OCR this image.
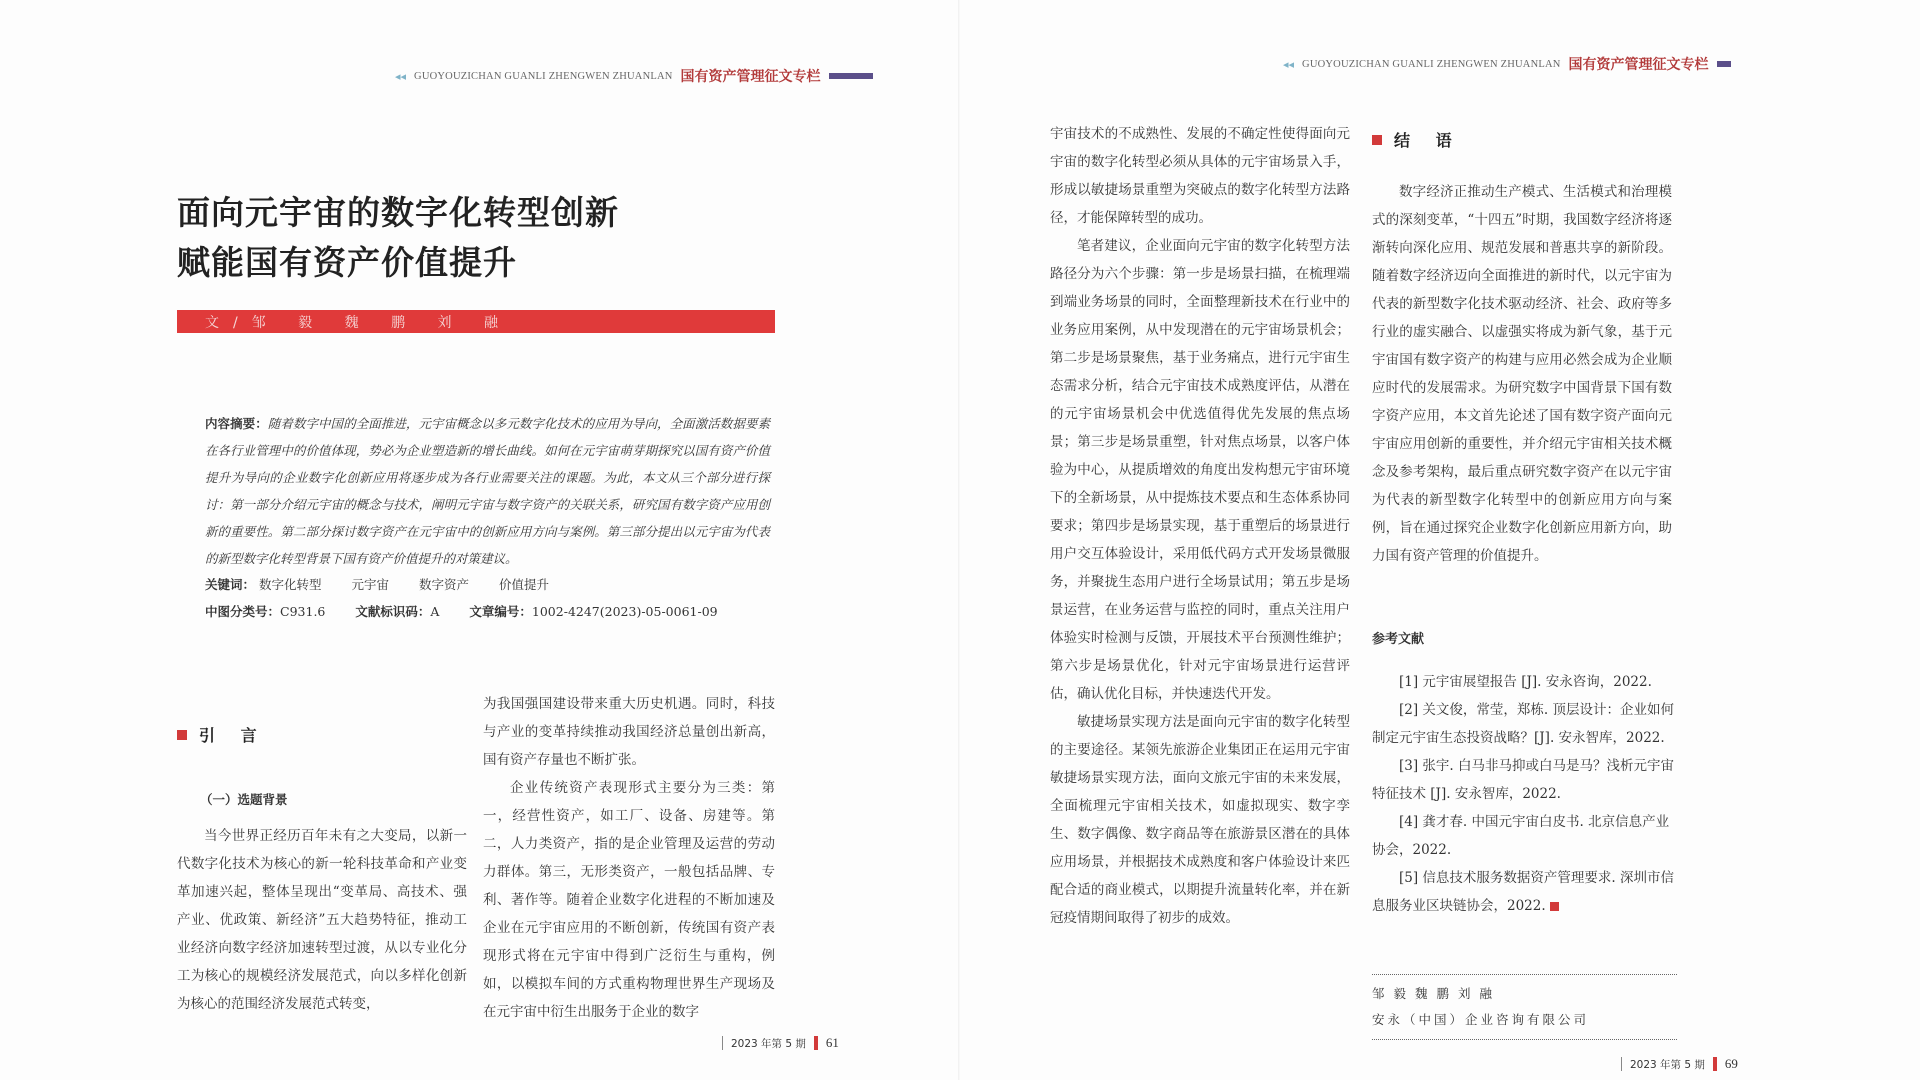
◂◂ GUOYOUZICHAN GUANLI ZHENGWEN ZHUANLAN 国有资产管理征文专栏
面向元宇宙的数字化转型创新
赋能国有资产价值提升
文/邹 毅 魏 鹏 刘 融
内容摘要：随着数字中国的全面推进，元宇宙概念以多元数字化技术的应用为导向，全面激活数据要素在各行业管理中的价值体现，势必为企业塑造新的增长曲线。如何在元宇宙萌芽期探究以国有资产价值提升为导向的企业数字化创新应用将逐步成为各行业需要关注的课题。为此，本文从三个部分进行探讨：第一部分介绍元宇宙的概念与技术，阐明元宇宙与数字资产的关联关系，研究国有数字资产应用创新的重要性。第二部分探讨数字资产在元宇宙中的创新应用方向与案例。第三部分提出以元宇宙为代表的新型数字化转型背景下国有资产价值提升的对策建议。
关键词： 数字化转型 元宇宙 数字资产 价值提升
中图分类号：C931.6 文献标识码：A 文章编号：1002-4247(2023)-05-0061-09
引 言
（一）选题背景

当今世界正经历百年未有之大变局，以新一代数字化技术为核心的新一轮科技革命和产业变革加速兴起，整体呈现出“变革局、高技术、强产业、优政策、新经济”五大趋势特征，推动工业经济向数字经济加速转型过渡，从以专业化分工为核心的规模经济发展范式，向以多样化创新为核心的范围经济发展范式转变，

为我国强国建设带来重大历史机遇。同时，科技与产业的变革持续推动我国经济总量创出新高，国有资产存量也不断扩张。

企业传统资产表现形式主要分为三类：第一，经营性资产，如工厂、设备、房建等。第二，人力类资产，指的是企业管理及运营的劳动力群体。第三，无形类资产，一般包括品牌、专利、著作等。随着企业数字化进程的不断加速及企业在元宇宙应用的不断创新，传统国有资产表现形式将在元宇宙中得到广泛衍生与重构，例如，以模拟车间的方式重构物理世界生产现场及在元宇宙中衍生出服务于企业的数字

2023 年第 5 期 61
◂◂ GUOYOUZICHAN GUANLI ZHENGWEN ZHUANLAN 国有资产管理征文专栏

宇宙技术的不成熟性、发展的不确定性使得面向元宇宙的数字化转型必须从具体的元宇宙场景入手，形成以敏捷场景重塑为突破点的数字化转型方法路径，才能保障转型的成功。

笔者建议，企业面向元宇宙的数字化转型方法路径分为六个步骤：第一步是场景扫描，在梳理端到端业务场景的同时，全面整理新技术在行业中的业务应用案例，从中发现潜在的元宇宙场景机会；第二步是场景聚焦，基于业务痛点，进行元宇宙生态需求分析，结合元宇宙技术成熟度评估，从潜在的元宇宙场景机会中优选值得优先发展的焦点场景；第三步是场景重塑，针对焦点场景，以客户体验为中心，从提质增效的角度出发构想元宇宙环境下的全新场景，从中提炼技术要点和生态体系协同要求；第四步是场景实现，基于重塑后的场景进行用户交互体验设计，采用低代码方式开发场景微服务，并聚拢生态用户进行全场景试用；第五步是场景运营，在业务运营与监控的同时，重点关注用户体验实时检测与反馈，开展技术平台预测性维护；第六步是场景优化，针对元宇宙场景进行运营评估，确认优化目标，并快速迭代开发。

敏捷场景实现方法是面向元宇宙的数字化转型的主要途径。某领先旅游企业集团正在运用元宇宙敏捷场景实现方法，面向文旅元宇宙的未来发展，全面梳理元宇宙相关技术，如虚拟现实、数字孪生、数字偶像、数字商品等在旅游景区潜在的具体应用场景，并根据技术成熟度和客户体验设计来匹配合适的商业模式，以期提升流量转化率，并在新冠疫情期间取得了初步的成效。

结 语

数字经济正推动生产模式、生活模式和治理模式的深刻变革，“十四五”时期，我国数字经济将逐渐转向深化应用、规范发展和普惠共享的新阶段。随着数字经济迈向全面推进的新时代，以元宇宙为代表的新型数字化技术驱动经济、社会、政府等多行业的虚实融合、以虚强实将成为新气象，基于元宇宙国有数字资产的构建与应用必然会成为企业顺应时代的发展需求。为研究数字中国背景下国有数字资产应用，本文首先论述了国有数字资产面向元宇宙应用创新的重要性，并介绍元宇宙相关技术概念及参考架构，最后重点研究数字资产在以元宇宙为代表的新型数字化转型中的创新应用方向与案例，旨在通过探究企业数字化创新应用新方向，助力国有资产管理的价值提升。

参考文献

[1] 元宇宙展望报告 [J]. 安永咨询，2022.

[2] 关文俊，常莹，郑栋. 顶层设计：企业如何制定元宇宙生态投资战略？[J]. 安永智库，2022.

[3] 张宇. 白马非马抑或白马是马？浅析元宇宙特征技术 [J]. 安永智库，2022.

[4] 龚才春. 中国元宇宙白皮书. 北京信息产业协会，2022.

[5] 信息技术服务数据资产管理要求. 深圳市信息服务业区块链协会，2022.

邹毅魏鹏刘融
安永（中国）企业咨询有限公司
2023 年第 5 期 69
